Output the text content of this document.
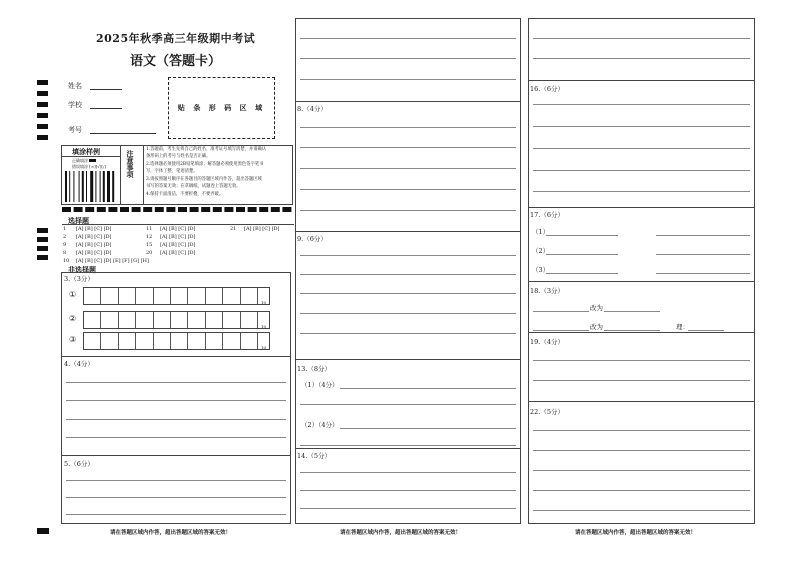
2025年秋季高三年级期中考试
语文（答题卡）
姓名
学校
考号
贴 条 形 码 区 域
填涂样例
正确填涂
错误填涂 [×][√][/]	注意事项
1.答题前，考生先将自己的姓名、准考证号填写清楚，并请确认
条形码上的考号与姓名是否正确。
2.选择题必须使用2B铅笔填涂；解答题必须使用黑色签字笔书
写，字体工整、笔迹清楚。
3.请按照题号顺序在各题目的答题区域内作答，超出答题区域
书写的答案无效；在草稿纸、试题卷上答题无效。
4.保持卡面清洁，不要折叠，不要弄破。
选择题
1 [A] [B] [C] [D]	11 [A] [B] [C] [D]	21 [A] [B] [C] [D]
2 [A] [B] [C] [D]	12 [A] [B] [C] [D]
9 [A] [B] [C] [D]	15 [A] [B] [C] [D]
8 [A] [B] [C] [D]	20 [A] [B] [C] [D]
10 [A] [B] [C] [D] [E] [F] [G] [H]
非选择题
3.（3分）
①
10
②
10
③
10
4.（4分）
5.（6分）
请在答题区域内作答，超出答题区域的答案无效！
8.（4分）
9.（6分）
13.（8分）
（1）（4分）
（2）（4分）
14.（5分）
请在答题区域内作答，超出答题区域的答案无效！
16.（6分）
17.（6分）
（1）
（2）
（3）
18.（3分）
改为
改为	理：
19.（4分）
22.（5分）
请在答题区域内作答，超出答题区域的答案无效！
